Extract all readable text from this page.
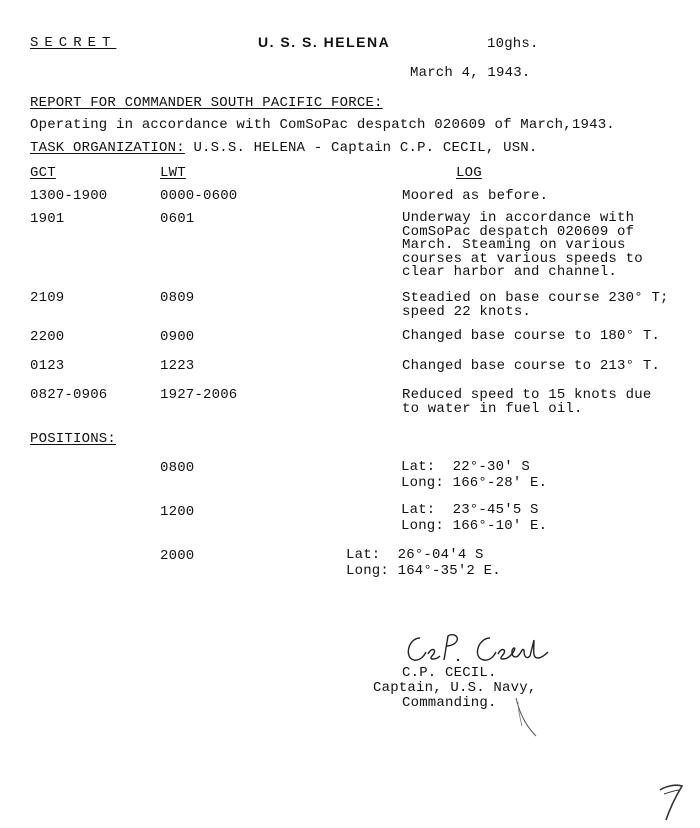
SECRET	U. S. S. HELENA	10ghs.
March 4, 1943.
REPORT FOR COMMANDER SOUTH PACIFIC FORCE:
Operating in accordance with ComSoPac despatch 020609 of March,1943.
TASK ORGANIZATION: U.S.S. HELENA - Captain C.P. CECIL, USN.
GCT	LWT	LOG
1300-1900	0000-0600	Moored as before.
1901	0601	Underway in accordance with
ComSoPac despatch 020609 of
March. Steaming on various
courses at various speeds to
clear harbor and channel.
2109	0809	Steadied on base course 230° T;
speed 22 knots.
2200	0900	Changed base course to 180° T.
0123	1223	Changed base course to 213° T.
0827-0906	1927-2006	Reduced speed to 15 knots due
to water in fuel oil.
POSITIONS:
0800	Lat:  22°-30' S
Long: 166°-28' E.
1200	Lat:  23°-45'5 S
Long: 166°-10' E.
2000	Lat:  26°-04'4 S
Long: 164°-35'2 E.
C.P. CECIL.
Captain, U.S. Navy,
Commanding.
